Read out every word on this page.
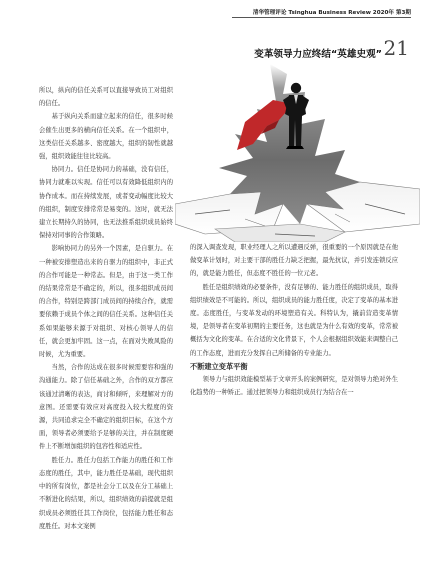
清华管理评论 Tsinghua Business Review 2020年 第3期
变革领导力应终结“英雄史观” 21

所以，纵向的信任关系可以直接导致员工对组织的信任。

基于纵向关系而建立起来的信任，很多时候会催生出更多的横向信任关系。在一个组织中，这类信任关系越多、密度越大，组织的韧性就越强，组织效能往往比较高。

协同力。信任是协同力的基础，没有信任，协同力就难以实现。信任可以有效降低组织内的协作成本。而在持续发展，或者变动幅度比较大的组织，制度安排常常是易变的。这时，就无法建立长期持久的协同，也无法推系组织成员始终保持对同事的合作策略。

影响协同力的另外一个因素，是自驱力。在一种被安排塑造出来的自驱力的组织中，非正式的合作可能是一种常态。但是，由于这一类工作的结果常常是不确定的，所以，很多组织成员间的合作，特别是跨部门成员间的持续合作，就需要依赖于成员个体之间的信任关系。这种信任关系如果能够来源于对组织、对核心领导人的信任，就会更加牢固。这一点，在面对失败风险的时候，尤为重要。

当然，合作的达成在很多时候需要容和强的沟通能力。除了信任基础之外，合作的双方都应该通过清晰的表达，商讨和倾听，来理解对方的意图。还需要有效应对高度投入较大程度的资源，共同追求完全不确定的组织目标，在这个方面，领导者必须要给予足够的关注，并在制度硬件上不断增加组织的包容性和适应性。

胜任力。胜任力包括工作能力的胜任和工作态度的胜任，其中，能力胜任是基础，现代组织中的所有岗位，都是社会分工以及在分工基础上不断进化的结果，所以，组织绩效的前提就是组织成员必须胜任其工作岗位，包括能力胜任和态度胜任。对本文案例

的深入调查发现，职业经理人之所以遭遇反弹，很重要的一个原因就是在他做变革计划时，对主要干部的胜任力缺乏把握，最先抗议，并引发连锁反应的，就是能力胜任，但态度不胜任的一位元老。

胜任是组织绩效的必要条件，没有足够的、能力胜任的组织成员，取得组织绩效是不可能的。所以，组织成员的能力胜任度，决定了变革的基本进度。态度胜任，与变革发动的环境塑造有关。科特认为，撬前营造变革情境，是领导者在变革初期的主要任务，这也就是为什么有效的变革，常常被概括为文化的变革。在合适的文化背景下，个人会根据组织效能来调整自己的工作态度，进而充分发挥自己所储备的专业能力。

不断建立变革平衡

领导力与组织效能模型基于文章开头的案例研究，是对领导力绝对外生化趋势的一种矫正。通过把领导力和组织成员行为结合在一
